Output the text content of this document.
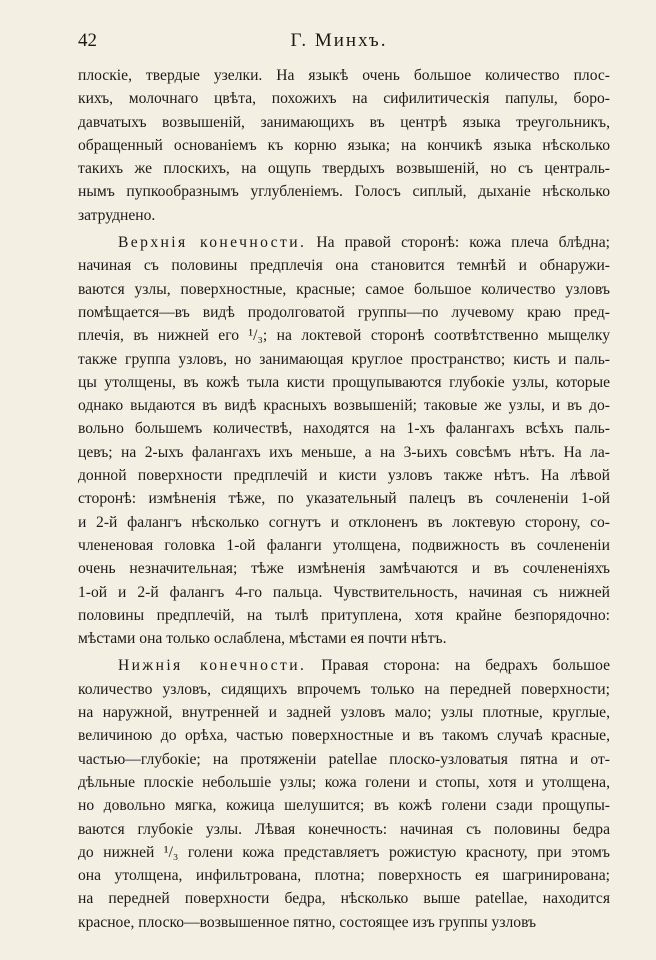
42	Г. Минхъ.
плоскіе, твердые узелки. На языкѣ очень большое количество плос-
кихъ, молочнаго цвѣта, похожихъ на сифилитическія папулы, боро-
давчатыхъ возвышеній, занимающихъ въ центрѣ языка треугольникъ,
обращенный основаніемъ къ корню языка; на кончикѣ языка нѣсколько
такихъ же плоскихъ, на ощупь твердыхъ возвышеній, но съ централь-
нымъ пупкообразнымъ углубленіемъ. Голосъ сиплый, дыханіе нѣсколько
затруднено.
Верхнія конечности. На правой сторонѣ: кожа плеча блѣдна;
начиная съ половины предплечія она становится темнѣй и обнаружи-
ваются узлы, поверхностные, красные; самое большое количество узловъ
помѣщается—въ видѣ продолговатой группы—по лучевому краю пред-
плечія, въ нижней его ¹/₃; на локтевой сторонѣ соотвѣтственно мыщелку
также группа узловъ, но занимающая круглое пространство; кисть и паль-
цы утолщены, въ кожѣ тыла кисти прощупываются глубокіе узлы, которые
однако выдаются въ видѣ красныхъ возвышеній; таковые же узлы, и въ до-
вольно большемъ количествѣ, находятся на 1-хъ фалангахъ всѣхъ паль-
цевъ; на 2-ыхъ фалангахъ ихъ меньше, а на 3-ьихъ совсѣмъ нѣтъ. На ла-
донной поверхности предплечій и кисти узловъ также нѣтъ. На лѣвой
сторонѣ: измѣненія тѣже, по указательный палецъ въ сочлененіи 1-ой
и 2-й фалангъ нѣсколько согнутъ и отклоненъ въ локтевую сторону, со-
члененовая головка 1-ой фаланги утолщена, подвижность въ сочлененіи
очень незначительная; тѣже измѣненія замѣчаются и въ сочлененіяхъ
1-ой и 2-й фалангъ 4-го пальца. Чувствительность, начиная съ нижней
половины предплечій, на тылѣ притуплена, хотя крайне безпорядочно:
мѣстами она только ослаблена, мѣстами ея почти нѣтъ.
Нижнія конечности. Правая сторона: на бедрахъ большое
количество узловъ, сидящихъ впрочемъ только на передней поверхности;
на наружной, внутренней и задней узловъ мало; узлы плотные, круглые,
величиною до орѣха, частью поверхностные и въ такомъ случаѣ красные,
частью—глубокіе; на протяженіи patellae плоско-узловатыя пятна и от-
дѣльные плоскіе небольшіе узлы; кожа голени и стопы, хотя и утолщена,
но довольно мягка, кожица шелушится; въ кожѣ голени сзади прощупы-
ваются глубокіе узлы. Лѣвая конечность: начиная съ половины бедра
до нижней ¹/₃ голени кожа представляетъ рожистую красноту, при этомъ
она утолщена, инфильтрована, плотна; поверхность ея шагринирована;
на передней поверхности бедра, нѣсколько выше patellae, находится
красное, плоско—возвышенное пятно, состоящее изъ группы узловъ
